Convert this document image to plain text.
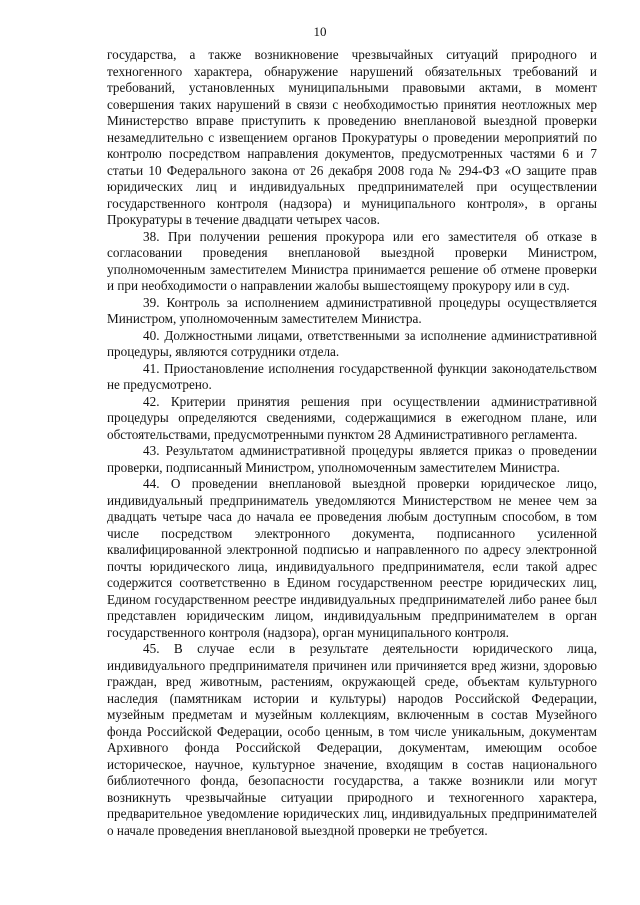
10

государства, а также возникновение чрезвычайных ситуаций природного и техногенного характера, обнаружение нарушений обязательных требований и требований, установленных муниципальными правовыми актами, в момент совершения таких нарушений в связи с необходимостью принятия неотложных мер Министерство вправе приступить к проведению внеплановой выездной проверки незамедлительно с извещением органов Прокуратуры о проведении мероприятий по контролю посредством направления документов, предусмотренных частями 6 и 7 статьи 10 Федерального закона от 26 декабря 2008 года № 294-ФЗ «О защите прав юридических лиц и индивидуальных предпринимателей при осуществлении государственного контроля (надзора) и муниципального контроля», в органы Прокуратуры в течение двадцати четырех часов.

38. При получении решения прокурора или его заместителя об отказе в согласовании проведения внеплановой выездной проверки Министром, уполномоченным заместителем Министра принимается решение об отмене проверки и при необходимости о направлении жалобы вышестоящему прокурору или в суд.

39. Контроль за исполнением административной процедуры осуществляется Министром, уполномоченным заместителем Министра.

40. Должностными лицами, ответственными за исполнение административной процедуры, являются сотрудники отдела.

41. Приостановление исполнения государственной функции законодательством не предусмотрено.

42. Критерии принятия решения при осуществлении административной процедуры определяются сведениями, содержащимися в ежегодном плане, или обстоятельствами, предусмотренными пунктом 28 Административного регламента.

43. Результатом административной процедуры является приказ о проведении проверки, подписанный Министром, уполномоченным заместителем Министра.

44. О проведении внеплановой выездной проверки юридическое лицо, индивидуальный предприниматель уведомляются Министерством не менее чем за двадцать четыре часа до начала ее проведения любым доступным способом, в том числе посредством электронного документа, подписанного усиленной квалифицированной электронной подписью и направленного по адресу электронной почты юридического лица, индивидуального предпринимателя, если такой адрес содержится соответственно в Едином государственном реестре юридических лиц, Едином государственном реестре индивидуальных предпринимателей либо ранее был представлен юридическим лицом, индивидуальным предпринимателем в орган государственного контроля (надзора), орган муниципального контроля.

45. В случае если в результате деятельности юридического лица, индивидуального предпринимателя причинен или причиняется вред жизни, здоровью граждан, вред животным, растениям, окружающей среде, объектам культурного наследия (памятникам истории и культуры) народов Российской Федерации, музейным предметам и музейным коллекциям, включенным в состав Музейного фонда Российской Федерации, особо ценным, в том числе уникальным, документам Архивного фонда Российской Федерации, документам, имеющим особое историческое, научное, культурное значение, входящим в состав национального библиотечного фонда, безопасности государства, а также возникли или могут возникнуть чрезвычайные ситуации природного и техногенного характера, предварительное уведомление юридических лиц, индивидуальных предпринимателей о начале проведения внеплановой выездной проверки не требуется.
